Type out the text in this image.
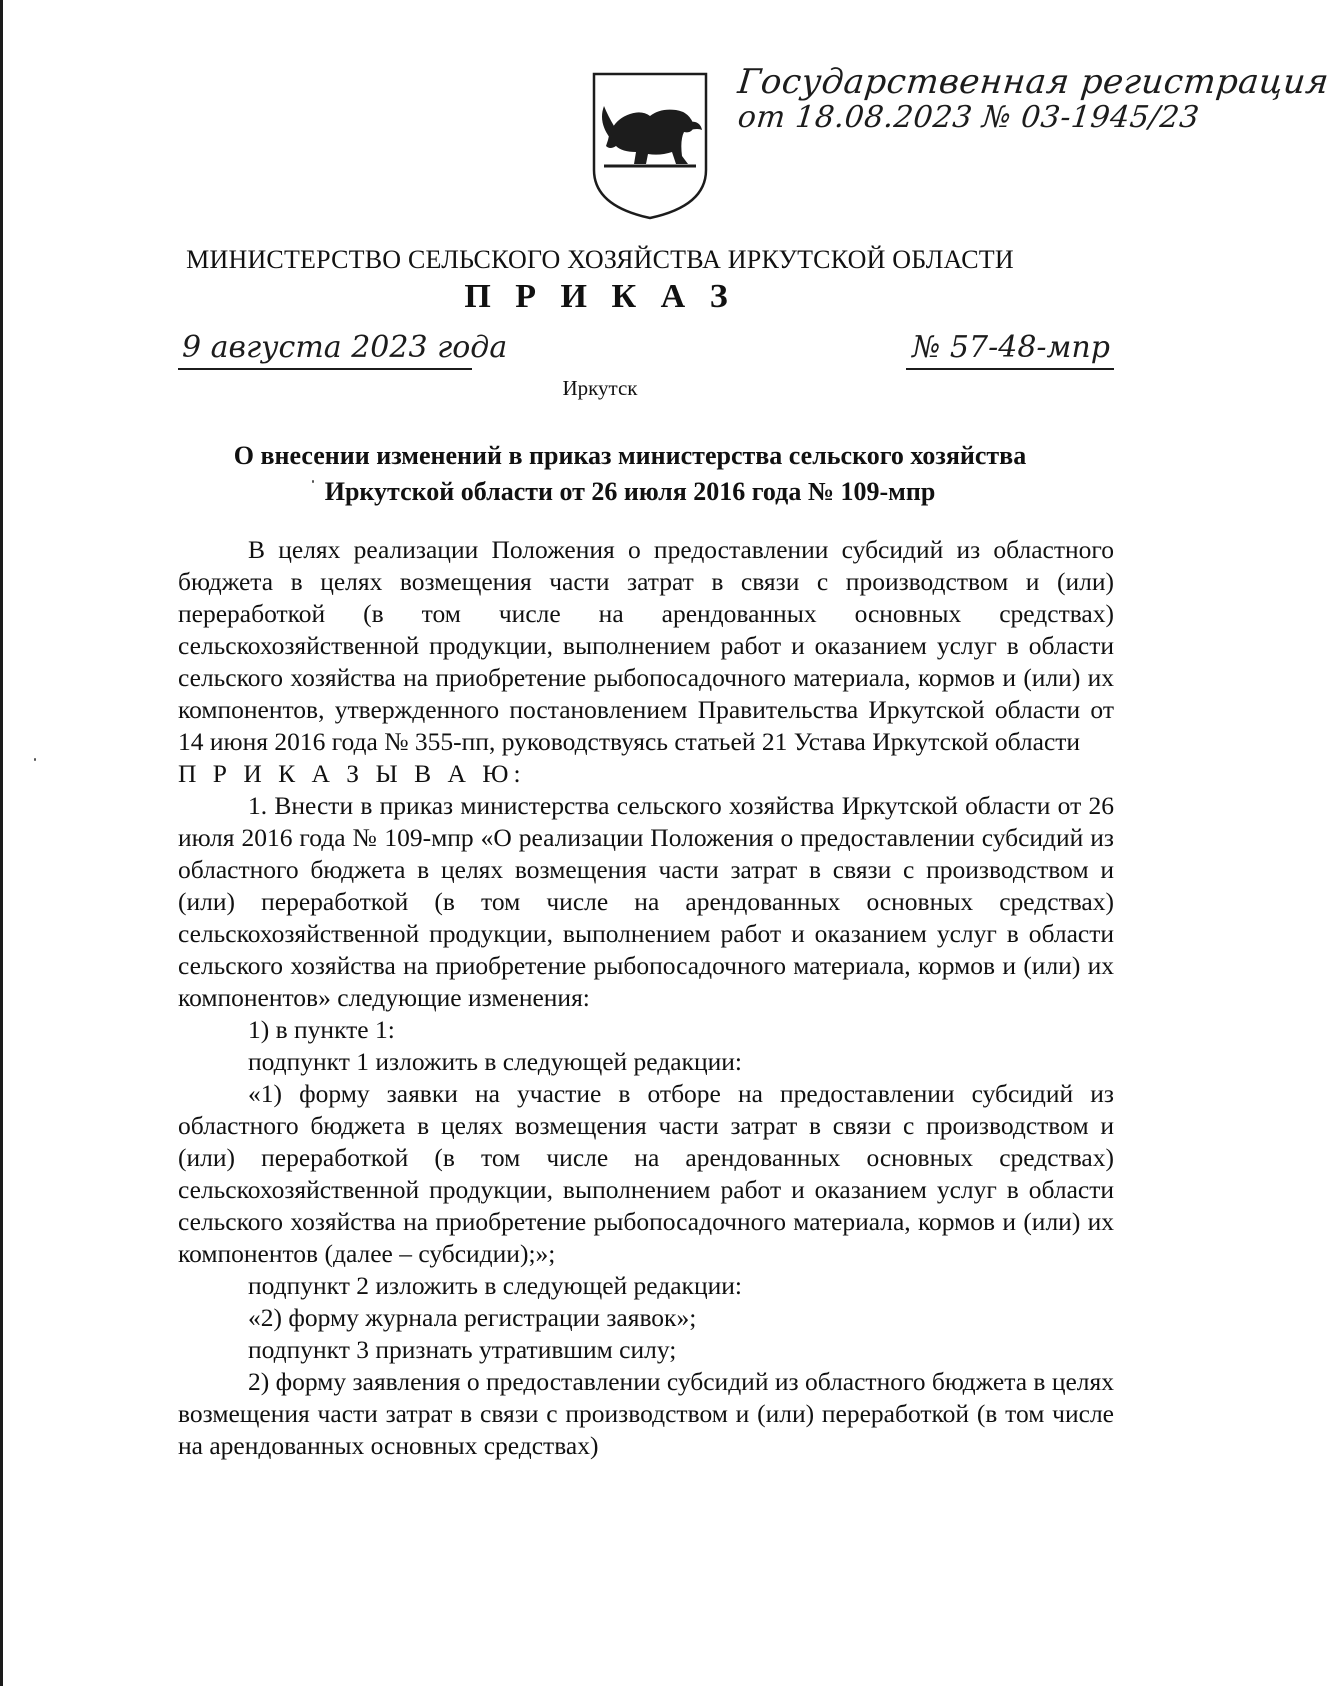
Государственная регистрация
от 18.08.2023 № 03-1945/23
МИНИСТЕРСТВО СЕЛЬСКОГО ХОЗЯЙСТВА ИРКУТСКОЙ ОБЛАСТИ
П Р И К А З
9 августа 2023 года	№ 57-48-мпр
Иркутск
О внесении изменений в приказ министерства сельского хозяйства
Иркутской области от 26 июля 2016 года № 109-мпр

В целях реализации Положения о предоставлении субсидий из областного бюджета в целях возмещения части затрат в связи с производством и (или) переработкой (в том числе на арендованных основных средствах) сельскохозяйственной продукции, выполнением работ и оказанием услуг в области сельского хозяйства на приобретение рыбопосадочного материала, кормов и (или) их компонентов, утвержденного постановлением Правительства Иркутской области от 14 июня 2016 года № 355-пп, руководствуясь статьей 21 Устава Иркутской области

П Р И К А З Ы В А Ю:

1. Внести в приказ министерства сельского хозяйства Иркутской области от 26 июля 2016 года № 109-мпр «О реализации Положения о предоставлении субсидий из областного бюджета в целях возмещения части затрат в связи с производством и (или) переработкой (в том числе на арендованных основных средствах) сельскохозяйственной продукции, выполнением работ и оказанием услуг в области сельского хозяйства на приобретение рыбопосадочного материала, кормов и (или) их компонентов» следующие изменения:

1) в пункте 1:

подпункт 1 изложить в следующей редакции:

«1) форму заявки на участие в отборе на предоставлении субсидий из областного бюджета в целях возмещения части затрат в связи с производством и (или) переработкой (в том числе на арендованных основных средствах) сельскохозяйственной продукции, выполнением работ и оказанием услуг в области сельского хозяйства на приобретение рыбопосадочного материала, кормов и (или) их компонентов (далее – субсидии);»;

подпункт 2 изложить в следующей редакции:

«2) форму журнала регистрации заявок»;

подпункт 3 признать утратившим силу;

2) форму заявления о предоставлении субсидий из областного бюджета в целях возмещения части затрат в связи с производством и (или) переработкой (в том числе на арендованных основных средствах)
